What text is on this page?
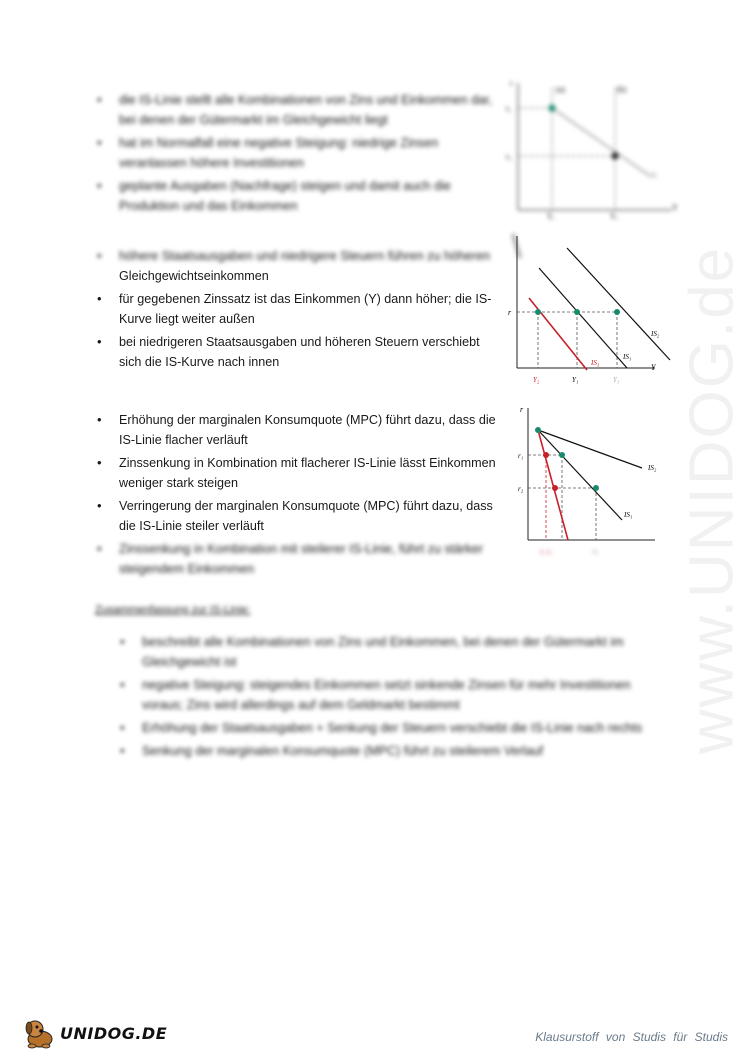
www.UNIDOG.de
• die IS-Linie stellt alle Kombinationen von Zins und Einkommen dar, bei denen der Gütermarkt im Gleichgewicht liegt
• hat im Normalfall eine negative Steigung: niedrige Zinsen veranlassen höhere Investitionen
• geplante Ausgaben (Nachfrage) steigen und damit auch die Produktion und das Einkommen
r₁
r₂
Y₁	Y₂
(a)	(b)
IS
r
Y
• höhere Staatsausgaben und niedrigere Steuern führen zu höheren
Gleichgewichtseinkommen
• für gegebenen Zinssatz ist das Einkommen (Y) dann höher; die IS-Kurve liegt weiter außen
• bei niedrigeren Staatsausgaben und höheren Steuern verschiebt sich die IS-Kurve nach innen
r
Y
Y₂	Y₁	Y₃
IS₂
IS₁
IS₃
• Erhöhung der marginalen Konsumquote (MPC) führt dazu, dass die IS-Linie flacher verläuft
• Zinssenkung in Kombination mit flacherer IS-Linie lässt Einkommen weniger stark steigen
• Verringerung der marginalen Konsumquote (MPC) führt dazu, dass die IS-Linie steiler verläuft
• Zinssenkung in Kombination mit steilerer IS-Linie, führt zu stärker steigendem Einkommen
r
r₁
r₂
IS₂
IS₁
Y₃ Y₂	Y₁
Zusammenfassung zur IS-Linie:
• beschreibt alle Kombinationen von Zins und Einkommen, bei denen der Gütermarkt im Gleichgewicht ist
• negative Steigung: steigendes Einkommen setzt sinkende Zinsen für mehr Investitionen voraus; Zins wird allerdings auf dem Geldmarkt bestimmt
• Erhöhung der Staatsausgaben + Senkung der Steuern verschiebt die IS-Linie nach rechts
• Senkung der marginalen Konsumquote (MPC) führt zu steilerem Verlauf
UNIDOG.DE	Klausurstoff von Studis für Studis
